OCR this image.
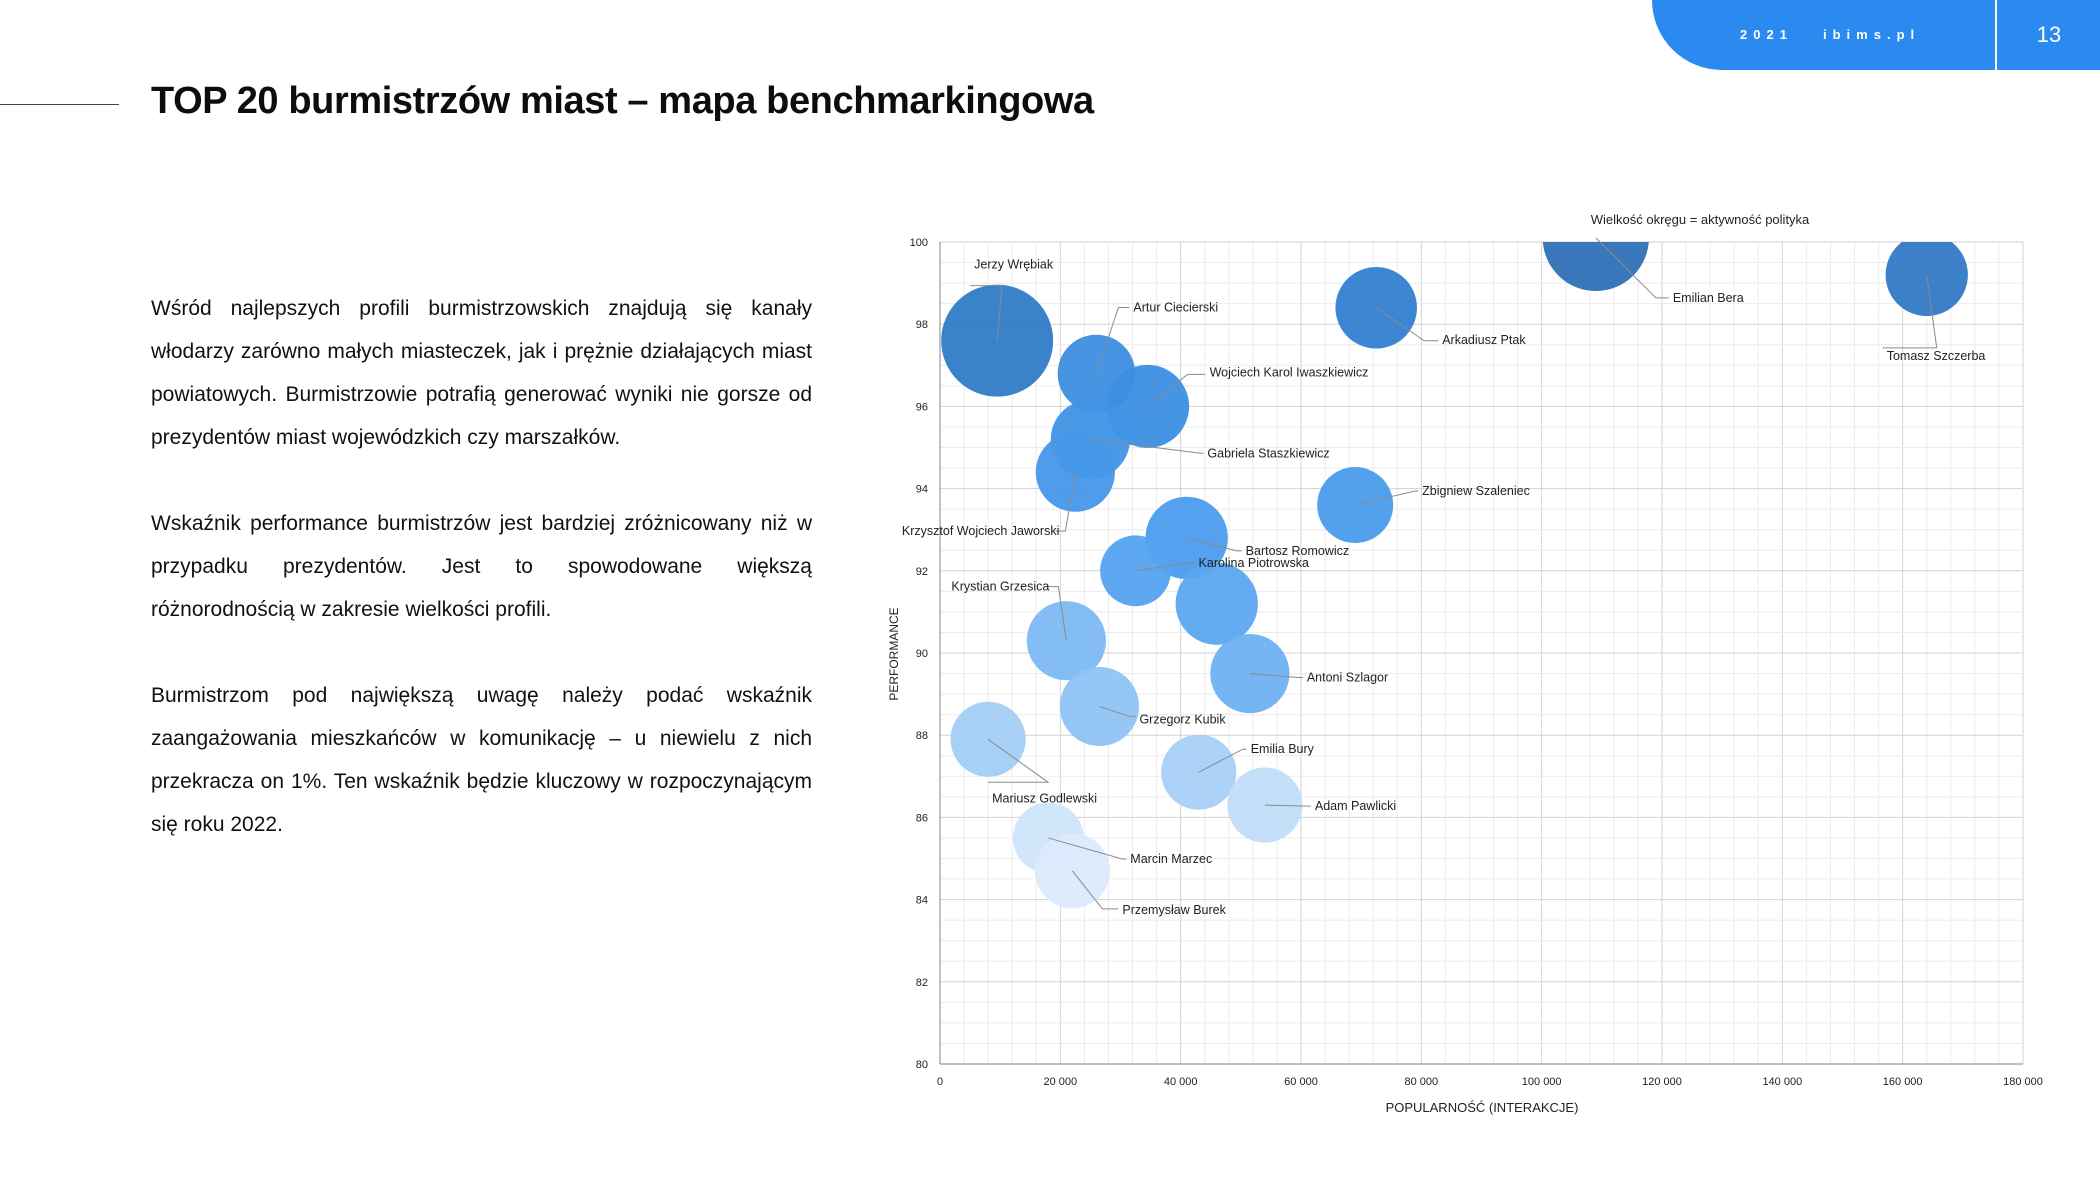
TOP 20 burmistrzów miast – mapa benchmarkingowa
2021 ibims.pl	13

Wśród najlepszych profili burmistrzowskich znajdują się kanały włodarzy zarówno małych miasteczek, jak i prężnie działających miast powiatowych. Burmistrzowie potrafią generować wyniki nie gorsze od prezydentów miast wojewódzkich czy marszałków.

Wskaźnik performance burmistrzów jest bardziej zróżnicowany niż w przypadku prezydentów. Jest to spowodowane większą różnorodnością w zakresie wielkości profili.

Burmistrzom pod największą uwagę należy podać wskaźnik zaangażowania mieszkańców w komunikację – u niewielu z nich przekracza on 1%. Ten wskaźnik będzie kluczowy w rozpoczynającym się roku 2022.

Wielkość okręgu = aktywność polityka
0	20 000	40 000	60 000	80 000	100 000	120 000	140 000	160 000	180 000
80
82
84
86
88
90
92
94
96
98
100
Jerzy Wrębiak
Emilian Bera
Tomasz Szczerba
Arkadiusz Ptak
Artur Ciecierski
Wojciech Karol Iwaszkiewicz
Gabriela Staszkiewicz
Krzysztof Wojciech Jaworski
Zbigniew Szaleniec
Bartosz Romowicz
Krystian Grzesica
Karolina Piotrowska
Antoni Szlagor
Grzegorz Kubik
Mariusz Godlewski
Emilia Bury
Adam Pawlicki
Marcin Marzec
Przemysław Burek
POPULARNOŚĆ (INTERAKCJE)
PERFORMANCE
